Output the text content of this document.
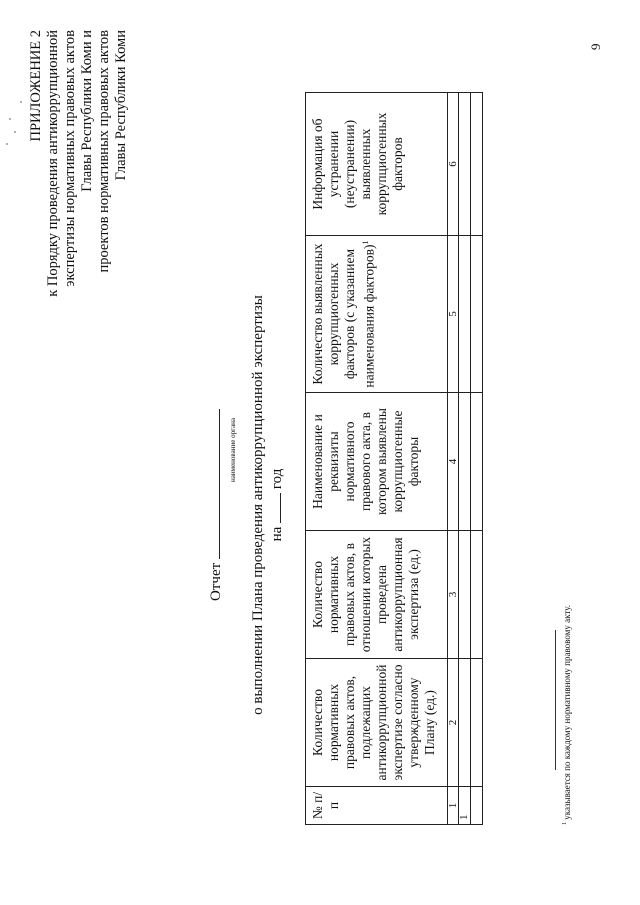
9
ПРИЛОЖЕНИЕ 2 к Порядку проведения антикоррупционной экспертизы нормативных правовых актов Главы Республики Коми и проектов нормативных правовых актов Главы Республики Коми
Отчет
наименование органа о выполнении Плана проведения антикоррупционной экспертизы на  год
№ п/п	Количество нормативных правовых актов, подлежащих антикоррупционной экспертизе согласно утвержденному Плану (ед.)	Количество нормативных правовых актов, в отношении которых проведена антикоррупционная экспертиза (ед.)	Наименование и реквизиты нормативного правового акта, в котором выявлены коррупциогенные факторы	Количество выявленных коррупциогенных факторов (с указанием наименования факторов)$^1$	Информация об устранении (неустранении) выявленных коррупциогенных факторов
1	2	3	4	5	6
1					

$^1$ указывается по каждому нормативному правовому акту.
